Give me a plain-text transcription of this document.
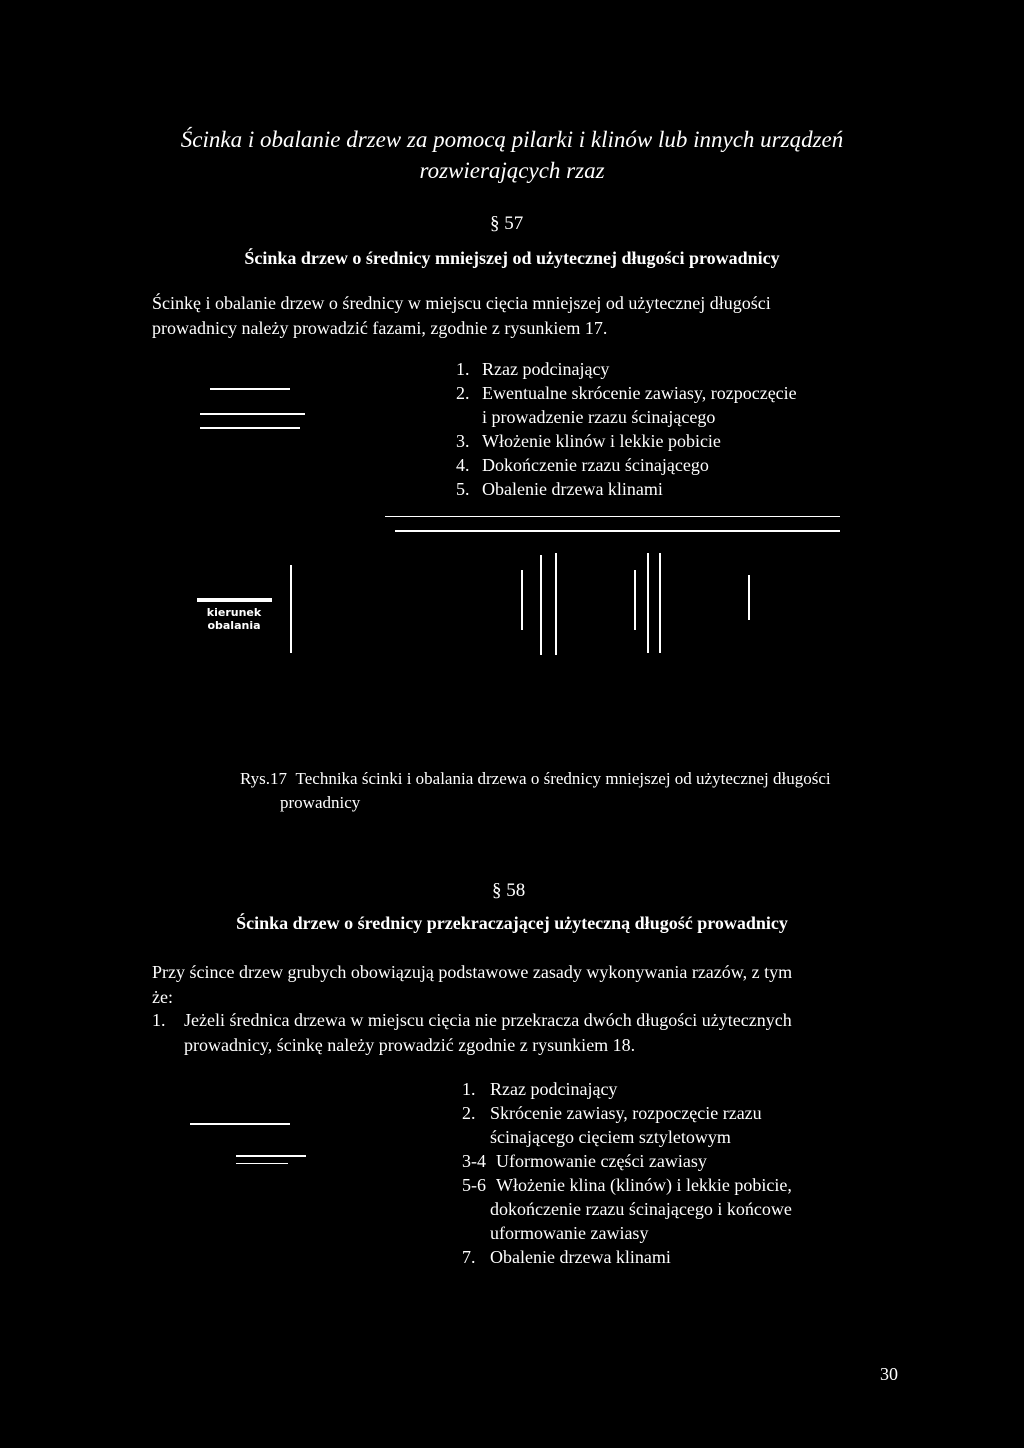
Ścinka i obalanie drzew za pomocą pilarki i klinów lub innych urządzeń
rozwierających rzaz
§ 57
Ścinka drzew o średnicy mniejszej od użytecznej długości prowadnicy
Ścinkę i obalanie drzew o średnicy w miejscu cięcia mniejszej od użytecznej długości
prowadnicy należy prowadzić fazami, zgodnie z rysunkiem 17.
1. Rzaz podcinający
2. Ewentualne skrócenie zawiasy, rozpoczęcie
i prowadzenie rzazu ścinającego
3. Włożenie klinów i lekkie pobicie
4. Dokończenie rzazu ścinającego
5. Obalenie drzewa klinami
kierunek
obalania
Rys.17 Technika ścinki i obalania drzewa o średnicy mniejszej od użytecznej długości
prowadnicy
§ 58
Ścinka drzew o średnicy przekraczającej użyteczną długość prowadnicy
Przy ścince drzew grubych obowiązują podstawowe zasady wykonywania rzazów, z tym
że:
1.	Jeżeli średnica drzewa w miejscu cięcia nie przekracza dwóch długości użytecznych
prowadnicy, ścinkę należy prowadzić zgodnie z rysunkiem 18.
1. Rzaz podcinający
2. Skrócenie zawiasy, rozpoczęcie rzazu
ścinającego cięciem sztyletowym
3-4 Uformowanie części zawiasy
5-6 Włożenie klina (klinów) i lekkie pobicie,
dokończenie rzazu ścinającego i końcowe
uformowanie zawiasy
7. Obalenie drzewa klinami
30
